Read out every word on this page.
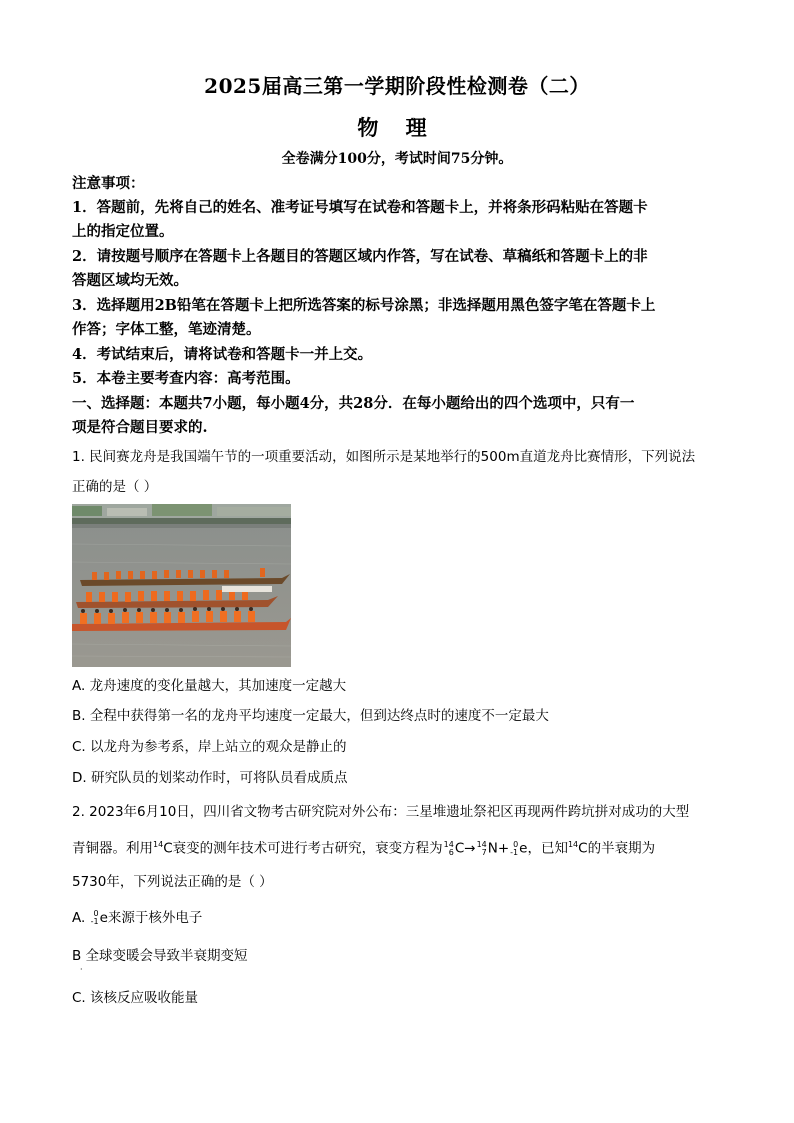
2025届高三第一学期阶段性检测卷（二）
物 理
全卷满分100分，考试时间75分钟。
注意事项：
1．答题前，先将自己的姓名、准考证号填写在试卷和答题卡上，并将条形码粘贴在答题卡
上的指定位置。
2．请按题号顺序在答题卡上各题目的答题区域内作答，写在试卷、草稿纸和答题卡上的非
答题区域均无效。
3．选择题用2B铅笔在答题卡上把所选答案的标号涂黑；非选择题用黑色签字笔在答题卡上
作答；字体工整，笔迹清楚。
4．考试结束后，请将试卷和答题卡一并上交。
5．本卷主要考查内容：高考范围。
一、选择题：本题共7小题，每小题4分，共28分．在每小题给出的四个选项中，只有一
项是符合题目要求的.
1. 民间赛龙舟是我国端午节的一项重要活动，如图所示是某地举行的500m直道龙舟比赛情形，下列说法
正确的是（ ）
A. 龙舟速度的变化量越大，其加速度一定越大
B. 全程中获得第一名的龙舟平均速度一定最大，但到达终点时的速度不一定最大
C. 以龙舟为参考系，岸上站立的观众是静止的
D. 研究队员的划桨动作时，可将队员看成质点
2. 2023年6月10日，四川省文物考古研究院对外公布：三星堆遗址祭祀区再现两件跨坑拼对成功的大型
青铜器。利用$^{14}$C衰变的测年技术可进行考古研究，衰变方程为 14
6 C→ 14
7 N+ 0
-1 e，已知$^{14}$C的半衰期为
5730年，下列说法正确的是（ ）
A.	0
-1 e来源于核外电子
B 全球变暖会导致半衰期变短
·
C. 该核反应吸收能量
